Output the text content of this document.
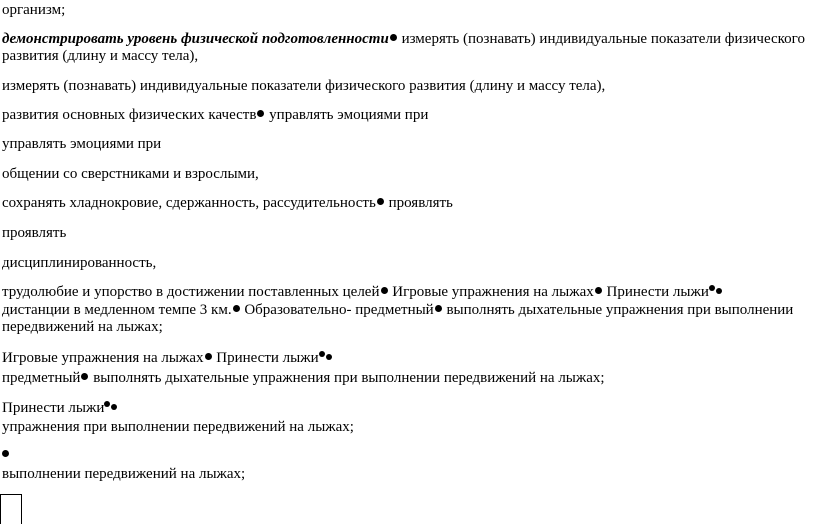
организм;
демонстрировать уровень физической подготовленности измерять (познавать) индивидуальные показатели физического
развития (длину и массу тела),
измерять (познавать) индивидуальные показатели физического развития (длину и массу тела),
развития основных физических качеств управлять эмоциями при
управлять эмоциями при
общении со сверстниками и взрослыми,
сохранять хладнокровие, сдержанность, рассудительность проявлять
проявлять
дисциплинированность,
трудолюбие и упорство в достижении поставленных целей Игровые упражнения на лыжах Принести лыжи
дистанции в медленном темпе 3 км. Образовательно- предметный выполнять дыхательные упражнения при выполнении
передвижений на лыжах;
Игровые упражнения на лыжах Принести лыжи
предметный выполнять дыхательные упражнения при выполнении передвижений на лыжах;
Принести лыжи
упражнения при выполнении передвижений на лыжах;
выполнении передвижений на лыжах;
